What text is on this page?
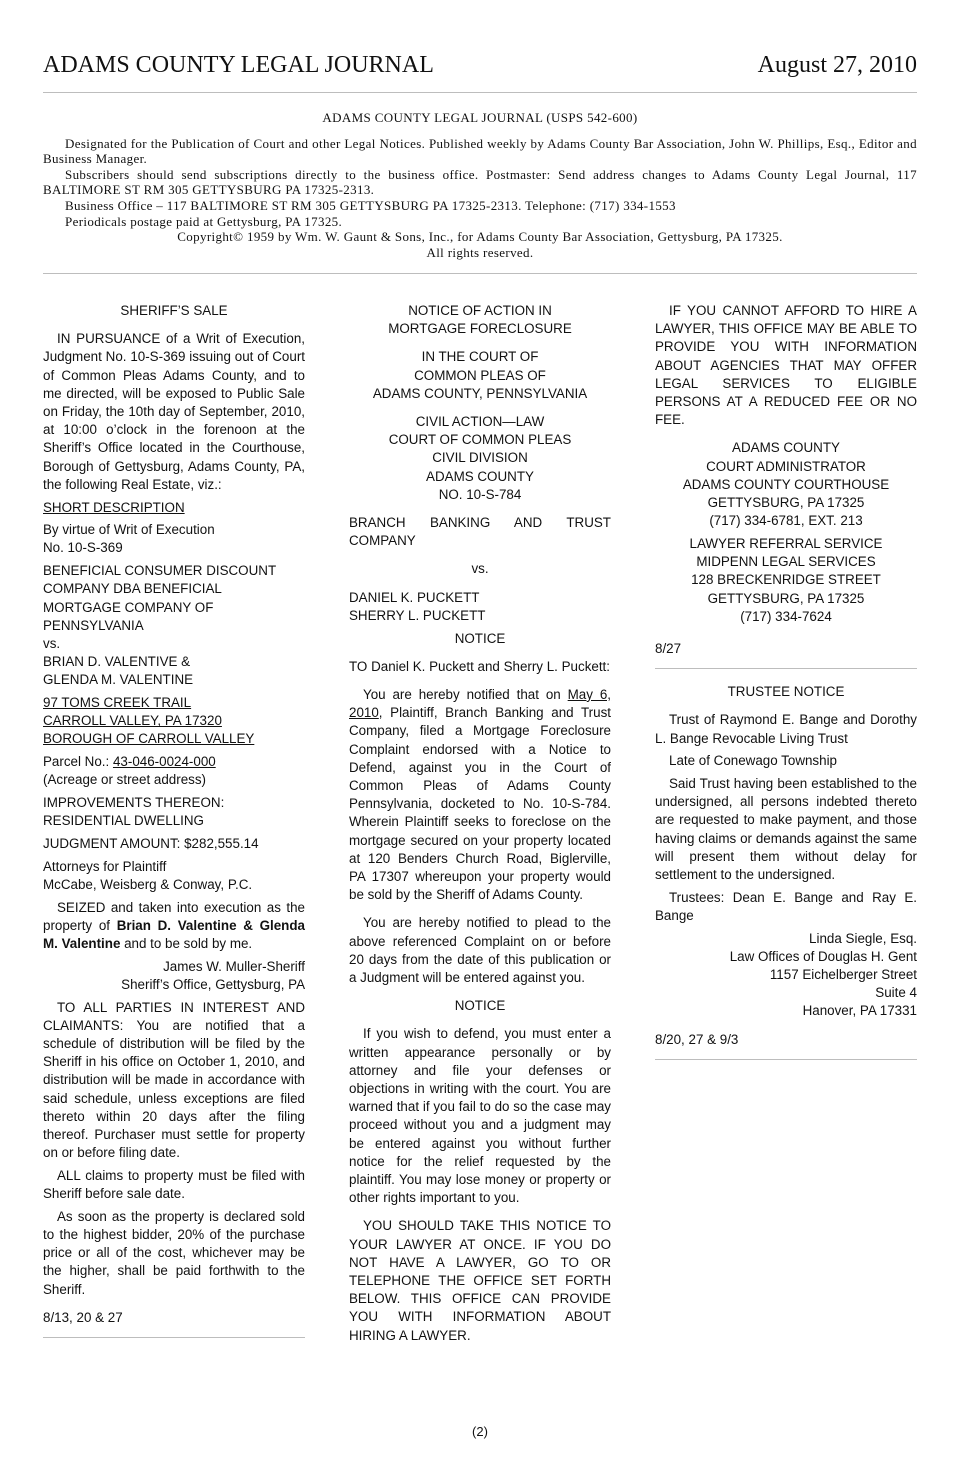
ADAMS COUNTY LEGAL JOURNAL	August 27, 2010
ADAMS COUNTY LEGAL JOURNAL (USPS 542-600)

Designated for the Publication of Court and other Legal Notices. Published weekly by Adams County Bar Association, John W. Phillips, Esq., Editor and Business Manager.

Subscribers should send subscriptions directly to the business office. Postmaster: Send address changes to Adams County Legal Journal, 117 BALTIMORE ST RM 305 GETTYSBURG PA 17325-2313.

Business Office – 117 BALTIMORE ST RM 305 GETTYSBURG PA 17325-2313. Telephone: (717) 334-1553

Periodicals postage paid at Gettysburg, PA 17325.

Copyright© 1959 by Wm. W. Gaunt & Sons, Inc., for Adams County Bar Association, Gettysburg, PA 17325.

All rights reserved.

SHERIFF’S SALE

IN PURSUANCE of a Writ of Execution, Judgment No. 10-S-369 issuing out of Court of Common Pleas Adams County, and to me directed, will be exposed to Public Sale on Friday, the 10th day of September, 2010, at 10:00 o’clock in the forenoon at the Sheriff’s Office located in the Courthouse, Borough of Gettysburg, Adams County, PA, the following Real Estate, viz.:

SHORT DESCRIPTION

By virtue of Writ of Execution
No. 10-S-369

BENEFICIAL CONSUMER DISCOUNT
COMPANY DBA BENEFICIAL
MORTGAGE COMPANY OF
PENNSYLVANIA
vs.
BRIAN D. VALENTIVE &
GLENDA M. VALENTINE

97 TOMS CREEK TRAIL
CARROLL VALLEY, PA 17320
BOROUGH OF CARROLL VALLEY

Parcel No.: 43-046-0024-000
(Acreage or street address)

IMPROVEMENTS THEREON:
RESIDENTIAL DWELLING

JUDGMENT AMOUNT: $282,555.14

Attorneys for Plaintiff
McCabe, Weisberg & Conway, P.C.

SEIZED and taken into execution as the property of Brian D. Valentine & Glenda M. Valentine and to be sold by me.

James W. Muller-Sheriff
Sheriff’s Office, Gettysburg, PA

TO ALL PARTIES IN INTEREST AND CLAIMANTS: You are notified that a schedule of distribution will be filed by the Sheriff in his office on October 1, 2010, and distribution will be made in accordance with said schedule, unless exceptions are filed thereto within 20 days after the filing thereof. Purchaser must settle for property on or before filing date.

ALL claims to property must be filed with Sheriff before sale date.

As soon as the property is declared sold to the highest bidder, 20% of the purchase price or all of the cost, whichever may be the higher, shall be paid forthwith to the Sheriff.

8/13, 20 & 27

NOTICE OF ACTION IN
MORTGAGE FORECLOSURE

IN THE COURT OF
COMMON PLEAS OF
ADAMS COUNTY, PENNSYLVANIA

CIVIL ACTION—LAW
COURT OF COMMON PLEAS
CIVIL DIVISION
ADAMS COUNTY
NO. 10-S-784

BRANCH BANKING AND TRUST COMPANY

vs.

DANIEL K. PUCKETT
SHERRY L. PUCKETT

NOTICE

TO Daniel K. Puckett and Sherry L. Puckett:

You are hereby notified that on May 6, 2010, Plaintiff, Branch Banking and Trust Company, filed a Mortgage Foreclosure Complaint endorsed with a Notice to Defend, against you in the Court of Common Pleas of Adams County Pennsylvania, docketed to No. 10-S-784. Wherein Plaintiff seeks to foreclose on the mortgage secured on your property located at 120 Benders Church Road, Biglerville, PA 17307 whereupon your property would be sold by the Sheriff of Adams County.

You are hereby notified to plead to the above referenced Complaint on or before 20 days from the date of this publication or a Judgment will be entered against you.

NOTICE

If you wish to defend, you must enter a written appearance personally or by attorney and file your defenses or objections in writing with the court. You are warned that if you fail to do so the case may proceed without you and a judgment may be entered against you without further notice for the relief requested by the plaintiff. You may lose money or property or other rights important to you.

YOU SHOULD TAKE THIS NOTICE TO YOUR LAWYER AT ONCE. IF YOU DO NOT HAVE A LAWYER, GO TO OR TELEPHONE THE OFFICE SET FORTH BELOW. THIS OFFICE CAN PROVIDE YOU WITH INFORMATION ABOUT HIRING A LAWYER.

IF YOU CANNOT AFFORD TO HIRE A LAWYER, THIS OFFICE MAY BE ABLE TO PROVIDE YOU WITH INFORMATION ABOUT AGENCIES THAT MAY OFFER LEGAL SERVICES TO ELIGIBLE PERSONS AT A REDUCED FEE OR NO FEE.

ADAMS COUNTY
COURT ADMINISTRATOR
ADAMS COUNTY COURTHOUSE
GETTYSBURG, PA 17325
(717) 334-6781, EXT. 213

LAWYER REFERRAL SERVICE
MIDPENN LEGAL SERVICES
128 BRECKENRIDGE STREET
GETTYSBURG, PA 17325
(717) 334-7624

8/27

TRUSTEE NOTICE

Trust of Raymond E. Bange and Dorothy L. Bange Revocable Living Trust

Late of Conewago Township

Said Trust having been established to the undersigned, all persons indebted thereto are requested to make payment, and those having claims or demands against the same will present them without delay for settlement to the undersigned.

Trustees: Dean E. Bange and Ray E. Bange

Linda Siegle, Esq.
Law Offices of Douglas H. Gent
1157 Eichelberger Street
Suite 4
Hanover, PA 17331

8/20, 27 & 9/3

(2)
